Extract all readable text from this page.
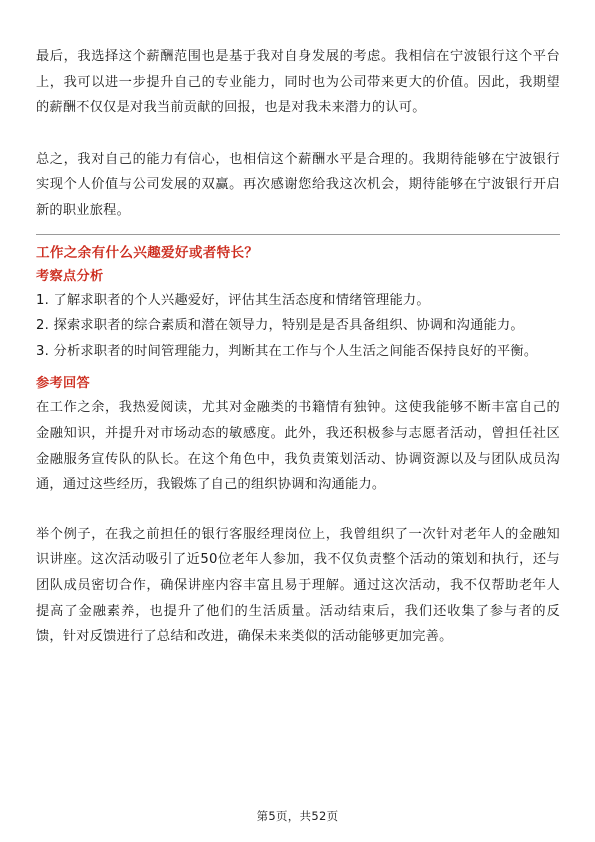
最后，我选择这个薪酬范围也是基于我对自身发展的考虑。我相信在宁波银行这个平台上，我可以进一步提升自己的专业能力，同时也为公司带来更大的价值。因此，我期望的薪酬不仅仅是对我当前贡献的回报，也是对我未来潜力的认可。

总之，我对自己的能力有信心，也相信这个薪酬水平是合理的。我期待能够在宁波银行实现个人价值与公司发展的双赢。再次感谢您给我这次机会，期待能够在宁波银行开启新的职业旅程。

工作之余有什么兴趣爱好或者特长？
考察点分析
1. 了解求职者的个人兴趣爱好，评估其生活态度和情绪管理能力。
2. 探索求职者的综合素质和潜在领导力，特别是是否具备组织、协调和沟通能力。
3. 分析求职者的时间管理能力，判断其在工作与个人生活之间能否保持良好的平衡。
参考回答

在工作之余，我热爱阅读，尤其对金融类的书籍情有独钟。这使我能够不断丰富自己的金融知识，并提升对市场动态的敏感度。此外，我还积极参与志愿者活动，曾担任社区金融服务宣传队的队长。在这个角色中，我负责策划活动、协调资源以及与团队成员沟通，通过这些经历，我锻炼了自己的组织协调和沟通能力。

举个例子，在我之前担任的银行客服经理岗位上，我曾组织了一次针对老年人的金融知识讲座。这次活动吸引了近50位老年人参加，我不仅负责整个活动的策划和执行，还与团队成员密切合作，确保讲座内容丰富且易于理解。通过这次活动，我不仅帮助老年人提高了金融素养，也提升了他们的生活质量。活动结束后，我们还收集了参与者的反馈，针对反馈进行了总结和改进，确保未来类似的活动能够更加完善。

第5页，共52页
